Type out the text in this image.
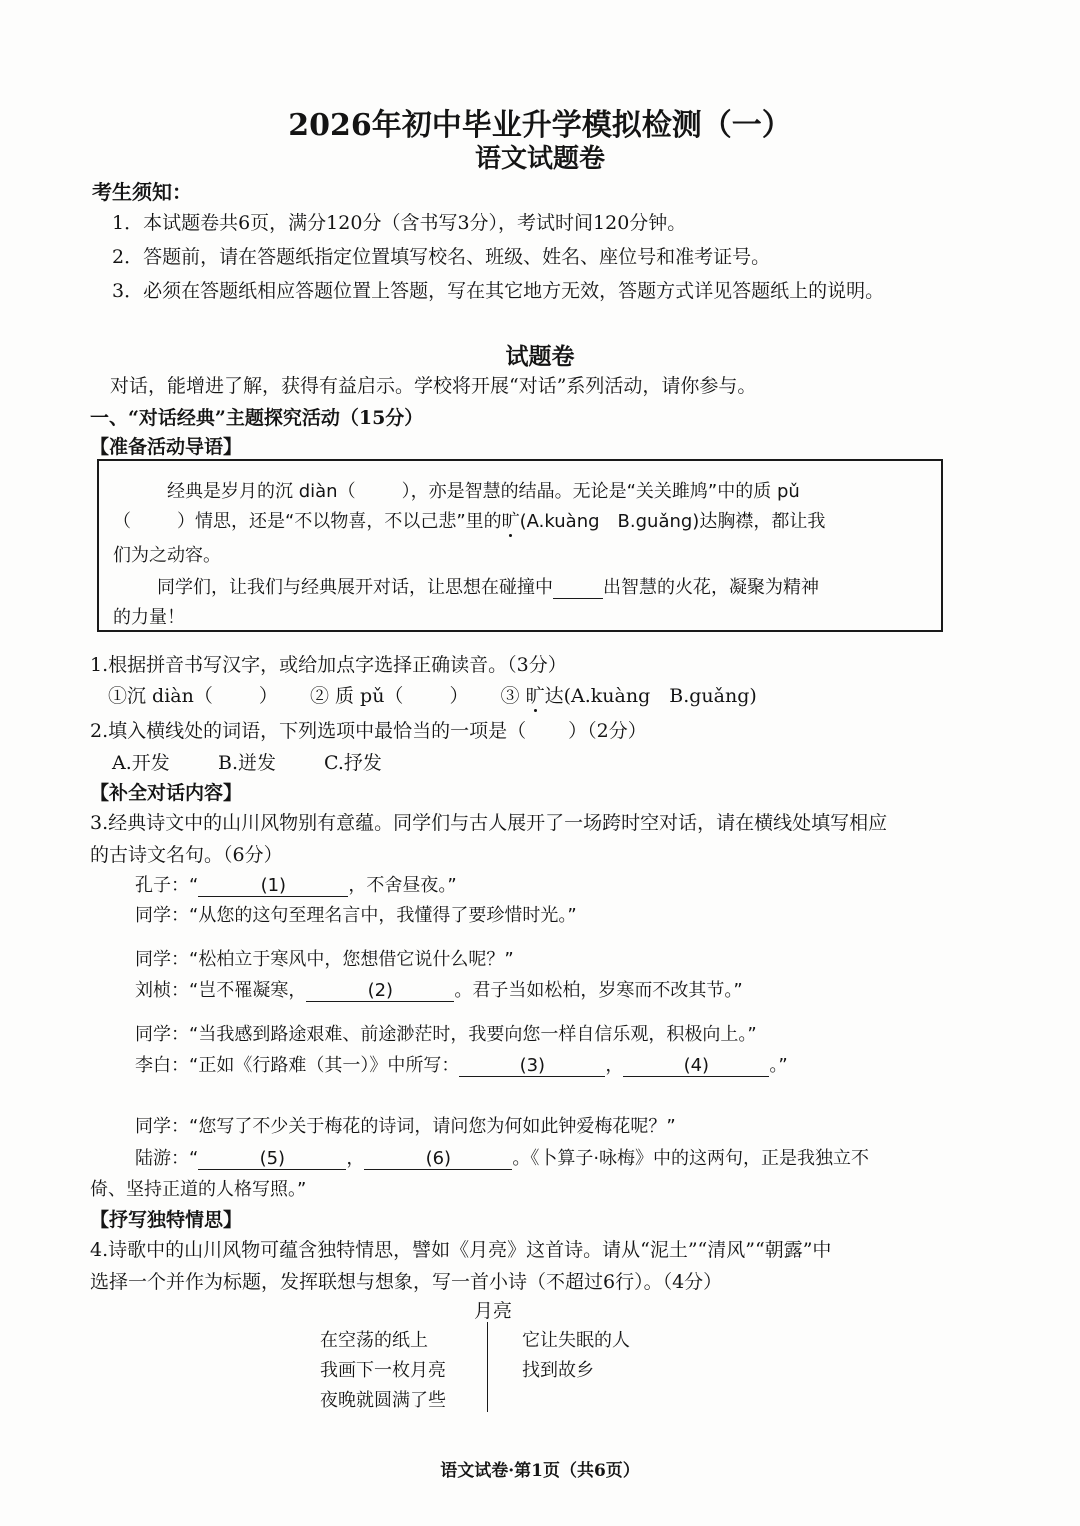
2026年初中毕业升学模拟检测（一）
语文试题卷
考生须知：
1．本试题卷共6页，满分120分（含书写3分），考试时间120分钟。
2．答题前，请在答题纸指定位置填写校名、班级、姓名、座位号和准考证号。
3．必须在答题纸相应答题位置上答题，写在其它地方无效，答题方式详见答题纸上的说明。
试题卷
对话，能增进了解，获得有益启示。学校将开展“对话”系列活动，请你参与。
一、“对话经典”主题探究活动（15分）
【准备活动导语】
经典是岁月的沉 diàn（	），亦是智慧的结晶。无论是“关关雎鸠”中的质 pǔ
（	）情思，还是“不以物喜，不以己悲”里的旷(A.kuàng　B.guǎng)达胸襟，都让我
们为之动容。
同学们，让我们与经典展开对话，让思想在碰撞中	出智慧的火花，凝聚为精神
的力量！
1.根据拼音书写汉字，或给加点字选择正确读音。（3分）
①沉 diàn（ ） ② 质 pǔ（ ） ③ 旷达(A.kuàng　B.guǎng)
2.填入横线处的词语，下列选项中最恰当的一项是（ ）（2分）
A.开发	B.迸发	C.抒发
【补全对话内容】
3.经典诗文中的山川风物别有意蕴。同学们与古人展开了一场跨时空对话，请在横线处填写相应
的古诗文名句。（6分）
孔子：“	(1)	，不舍昼夜。”
同学：“从您的这句至理名言中，我懂得了要珍惜时光。”
同学：“松柏立于寒风中，您想借它说什么呢？”
刘桢：“岂不罹凝寒，	(2)	。君子当如松柏，岁寒而不改其节。”
同学：“当我感到路途艰难、前途渺茫时，我要向您一样自信乐观，积极向上。”
李白：“正如《行路难（其一）》中所写：	(3)	，	(4)	。”
同学：“您写了不少关于梅花的诗词，请问您为何如此钟爱梅花呢？”
陆游：“	(5)	，	(6)	。《卜算子·咏梅》中的这两句，正是我独立不
倚、坚持正道的人格写照。”
【抒写独特情思】
4.诗歌中的山川风物可蕴含独特情思，譬如《月亮》这首诗。请从“泥土”“清风”“朝露”中
选择一个并作为标题，发挥联想与想象，写一首小诗（不超过6行）。（4分）
月亮
在空荡的纸上
我画下一枚月亮
夜晚就圆满了些
它让失眠的人
找到故乡
语文试卷·第1页（共6页）
